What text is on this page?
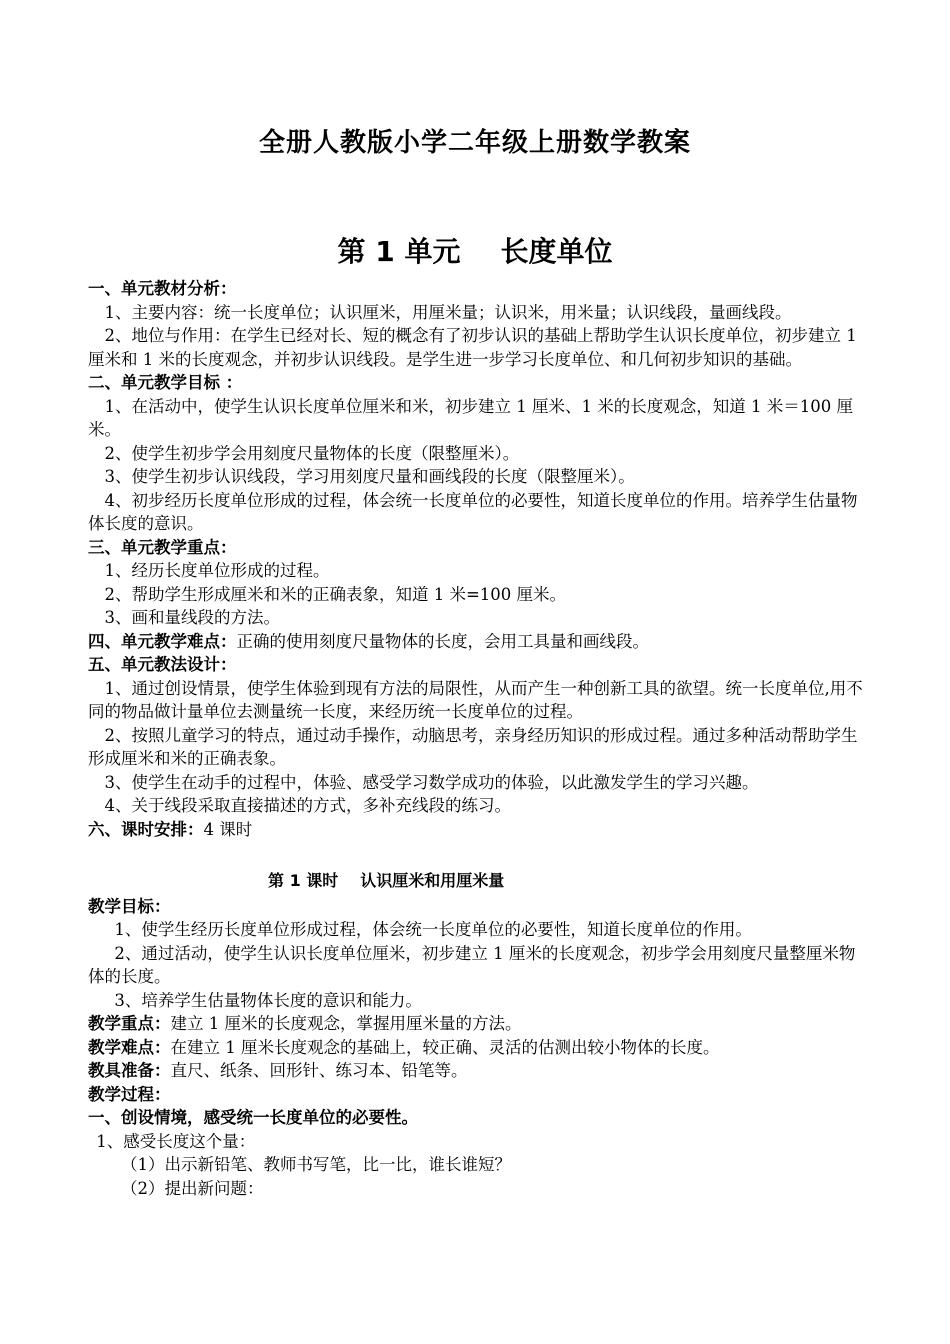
全册人教版小学二年级上册数学教案
第 1 单元 长度单位

一、单元教材分析：

1、主要内容：统一长度单位；认识厘米，用厘米量；认识米，用米量；认识线段，量画线段。

2、地位与作用：在学生已经对长、短的概念有了初步认识的基础上帮助学生认识长度单位，初步建立 1 厘米和 1 米的长度观念，并初步认识线段。是学生进一步学习长度单位、和几何初步知识的基础。

二、单元教学目标 ：

1、在活动中，使学生认识长度单位厘米和米，初步建立 1 厘米、1 米的长度观念，知道 1 米＝100 厘米。

2、使学生初步学会用刻度尺量物体的长度（限整厘米）。

3、使学生初步认识线段，学习用刻度尺量和画线段的长度（限整厘米）。

4、初步经历长度单位形成的过程，体会统一长度单位的必要性，知道长度单位的作用。培养学生估量物体长度的意识。

三、单元教学重点：

1、经历长度单位形成的过程。

2、帮助学生形成厘米和米的正确表象，知道 1 米=100 厘米。

3、画和量线段的方法。

四、单元教学难点：正确的使用刻度尺量物体的长度，会用工具量和画线段。

五、单元教法设计：

1、通过创设情景，使学生体验到现有方法的局限性，从而产生一种创新工具的欲望。统一长度单位,用不同的物品做计量单位去测量统一长度，来经历统一长度单位的过程。

2、按照儿童学习的特点，通过动手操作，动脑思考，亲身经历知识的形成过程。通过多种活动帮助学生形成厘米和米的正确表象。

3、使学生在动手的过程中，体验、感受学习数学成功的体验，以此激发学生的学习兴趣。

4、关于线段采取直接描述的方式，多补充线段的练习。

六、课时安排：4 课时

第 1 课时 认识厘米和用厘米量

教学目标：

1、使学生经历长度单位形成过程，体会统一长度单位的必要性，知道长度单位的作用。

2、通过活动，使学生认识长度单位厘米，初步建立 1 厘米的长度观念，初步学会用刻度尺量整厘米物体的长度。

3、培养学生估量物体长度的意识和能力。

教学重点：建立 1 厘米的长度观念，掌握用厘米量的方法。

教学难点：在建立 1 厘米长度观念的基础上，较正确、灵活的估测出较小物体的长度。

教具准备：直尺、纸条、回形针、练习本、铅笔等。

教学过程：

一、创设情境，感受统一长度单位的必要性。

1、感受长度这个量：

（1）出示新铅笔、教师书写笔，比一比，谁长谁短？

（2）提出新问题：
